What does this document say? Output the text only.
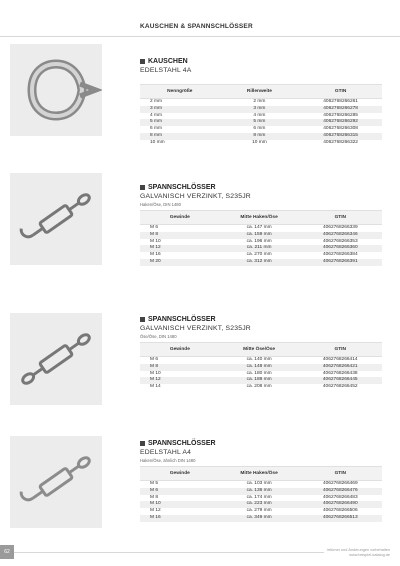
KAUSCHEN & SPANNSCHLÖSSER
KAUSCHEN
EDELSTAHL 4A
Nenngröße	Rillenweite	GTIN
2 mm	2 mm	4062768266261
3 mm	3 mm	4062768266278
4 mm	4 mm	4062768266285
5 mm	5 mm	4062768266292
6 mm	6 mm	4062768266308
8 mm	8 mm	4062768266315
10 mm	10 mm	4062768266322
SPANNSCHLÖSSER
GALVANISCH VERZINKT, S235JR
Haken/Öse, DIN 1480
Gewinde	Mitte Haken/Öse	GTIN
M 6	ca. 147 mm	4062768266339
M 8	ca. 159 mm	4062768266346
M 10	ca. 196 mm	4062768266353
M 12	ca. 211 mm	4062768266360
M 16	ca. 270 mm	4062768266384
M 20	ca. 312 mm	4062768266391
SPANNSCHLÖSSER
GALVANISCH VERZINKT, S235JR
Öse/Öse, DIN 1480
Gewinde	Mitte Öse/Öse	GTIN
M 6	ca. 140 mm	4062768266414
M 8	ca. 148 mm	4062768266421
M 10	ca. 180 mm	4062768266438
M 12	ca. 188 mm	4062768266445
M 14	ca. 208 mm	4062768266452
SPANNSCHLÖSSER
EDELSTAHL A4
Haken/Öse, ähnlich DIN 1480
Gewinde	Mitte Haken/Öse	GTIN
M 5	ca. 103 mm	4062768266469
M 6	ca. 136 mm	4062768266476
M 8	ca. 174 mm	4062768266483
M 10	ca. 223 mm	4062768266490
M 12	ca. 279 mm	4062768266506
M 16	ca. 349 mm	4062768266513
62	Irrtümer und Änderungen vorbehalten
www.beispiel-katalog.de
